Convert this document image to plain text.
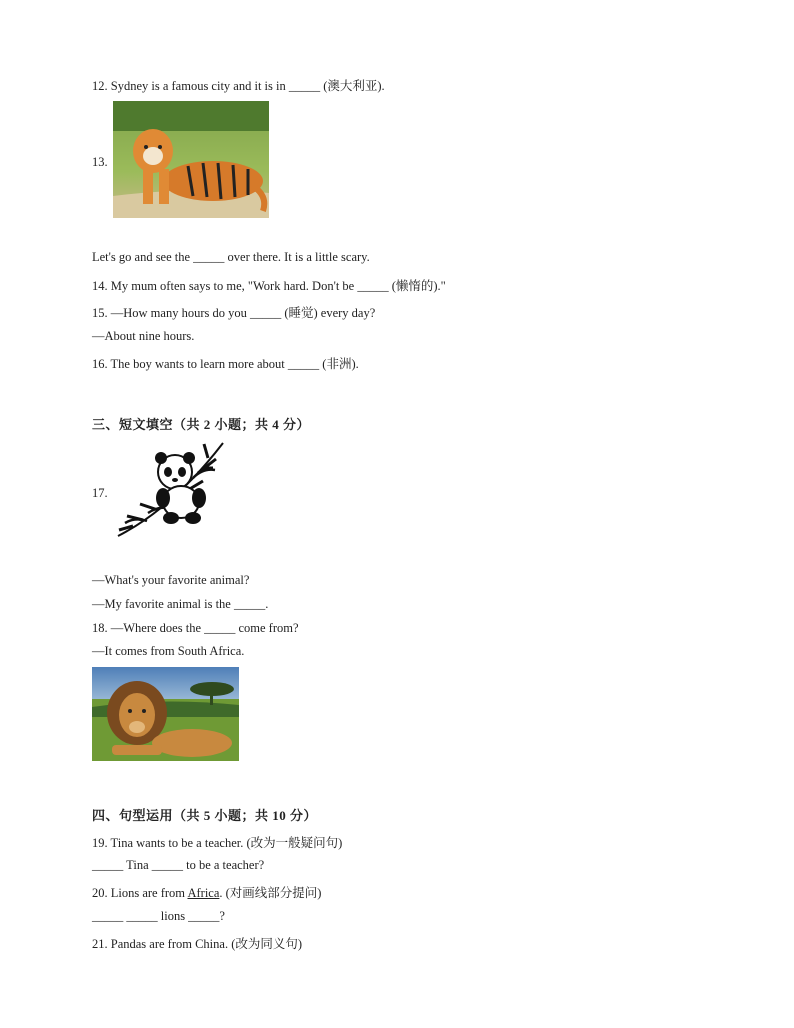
12. Sydney is a famous city and it is in _____ (澳大利亚).
13.
Let's go and see the _____ over there. It is a little scary.
14. My mum often says to me, "Work hard. Don't be _____ (懒惰的)."
15. —How many hours do you _____ (睡觉) every day?
—About nine hours.
16. The boy wants to learn more about _____ (非洲).
三、短文填空（共 2 小题；共 4 分）
17.
—What's your favorite animal?
—My favorite animal is the _____.
18. —Where does the _____ come from?
—It comes from South Africa.
四、句型运用（共 5 小题；共 10 分）
19. Tina wants to be a teacher. (改为一般疑问句)
_____ Tina _____ to be a teacher?
20. Lions are from Africa. (对画线部分提问)
_____ _____ lions _____?
21. Pandas are from China. (改为同义句)
